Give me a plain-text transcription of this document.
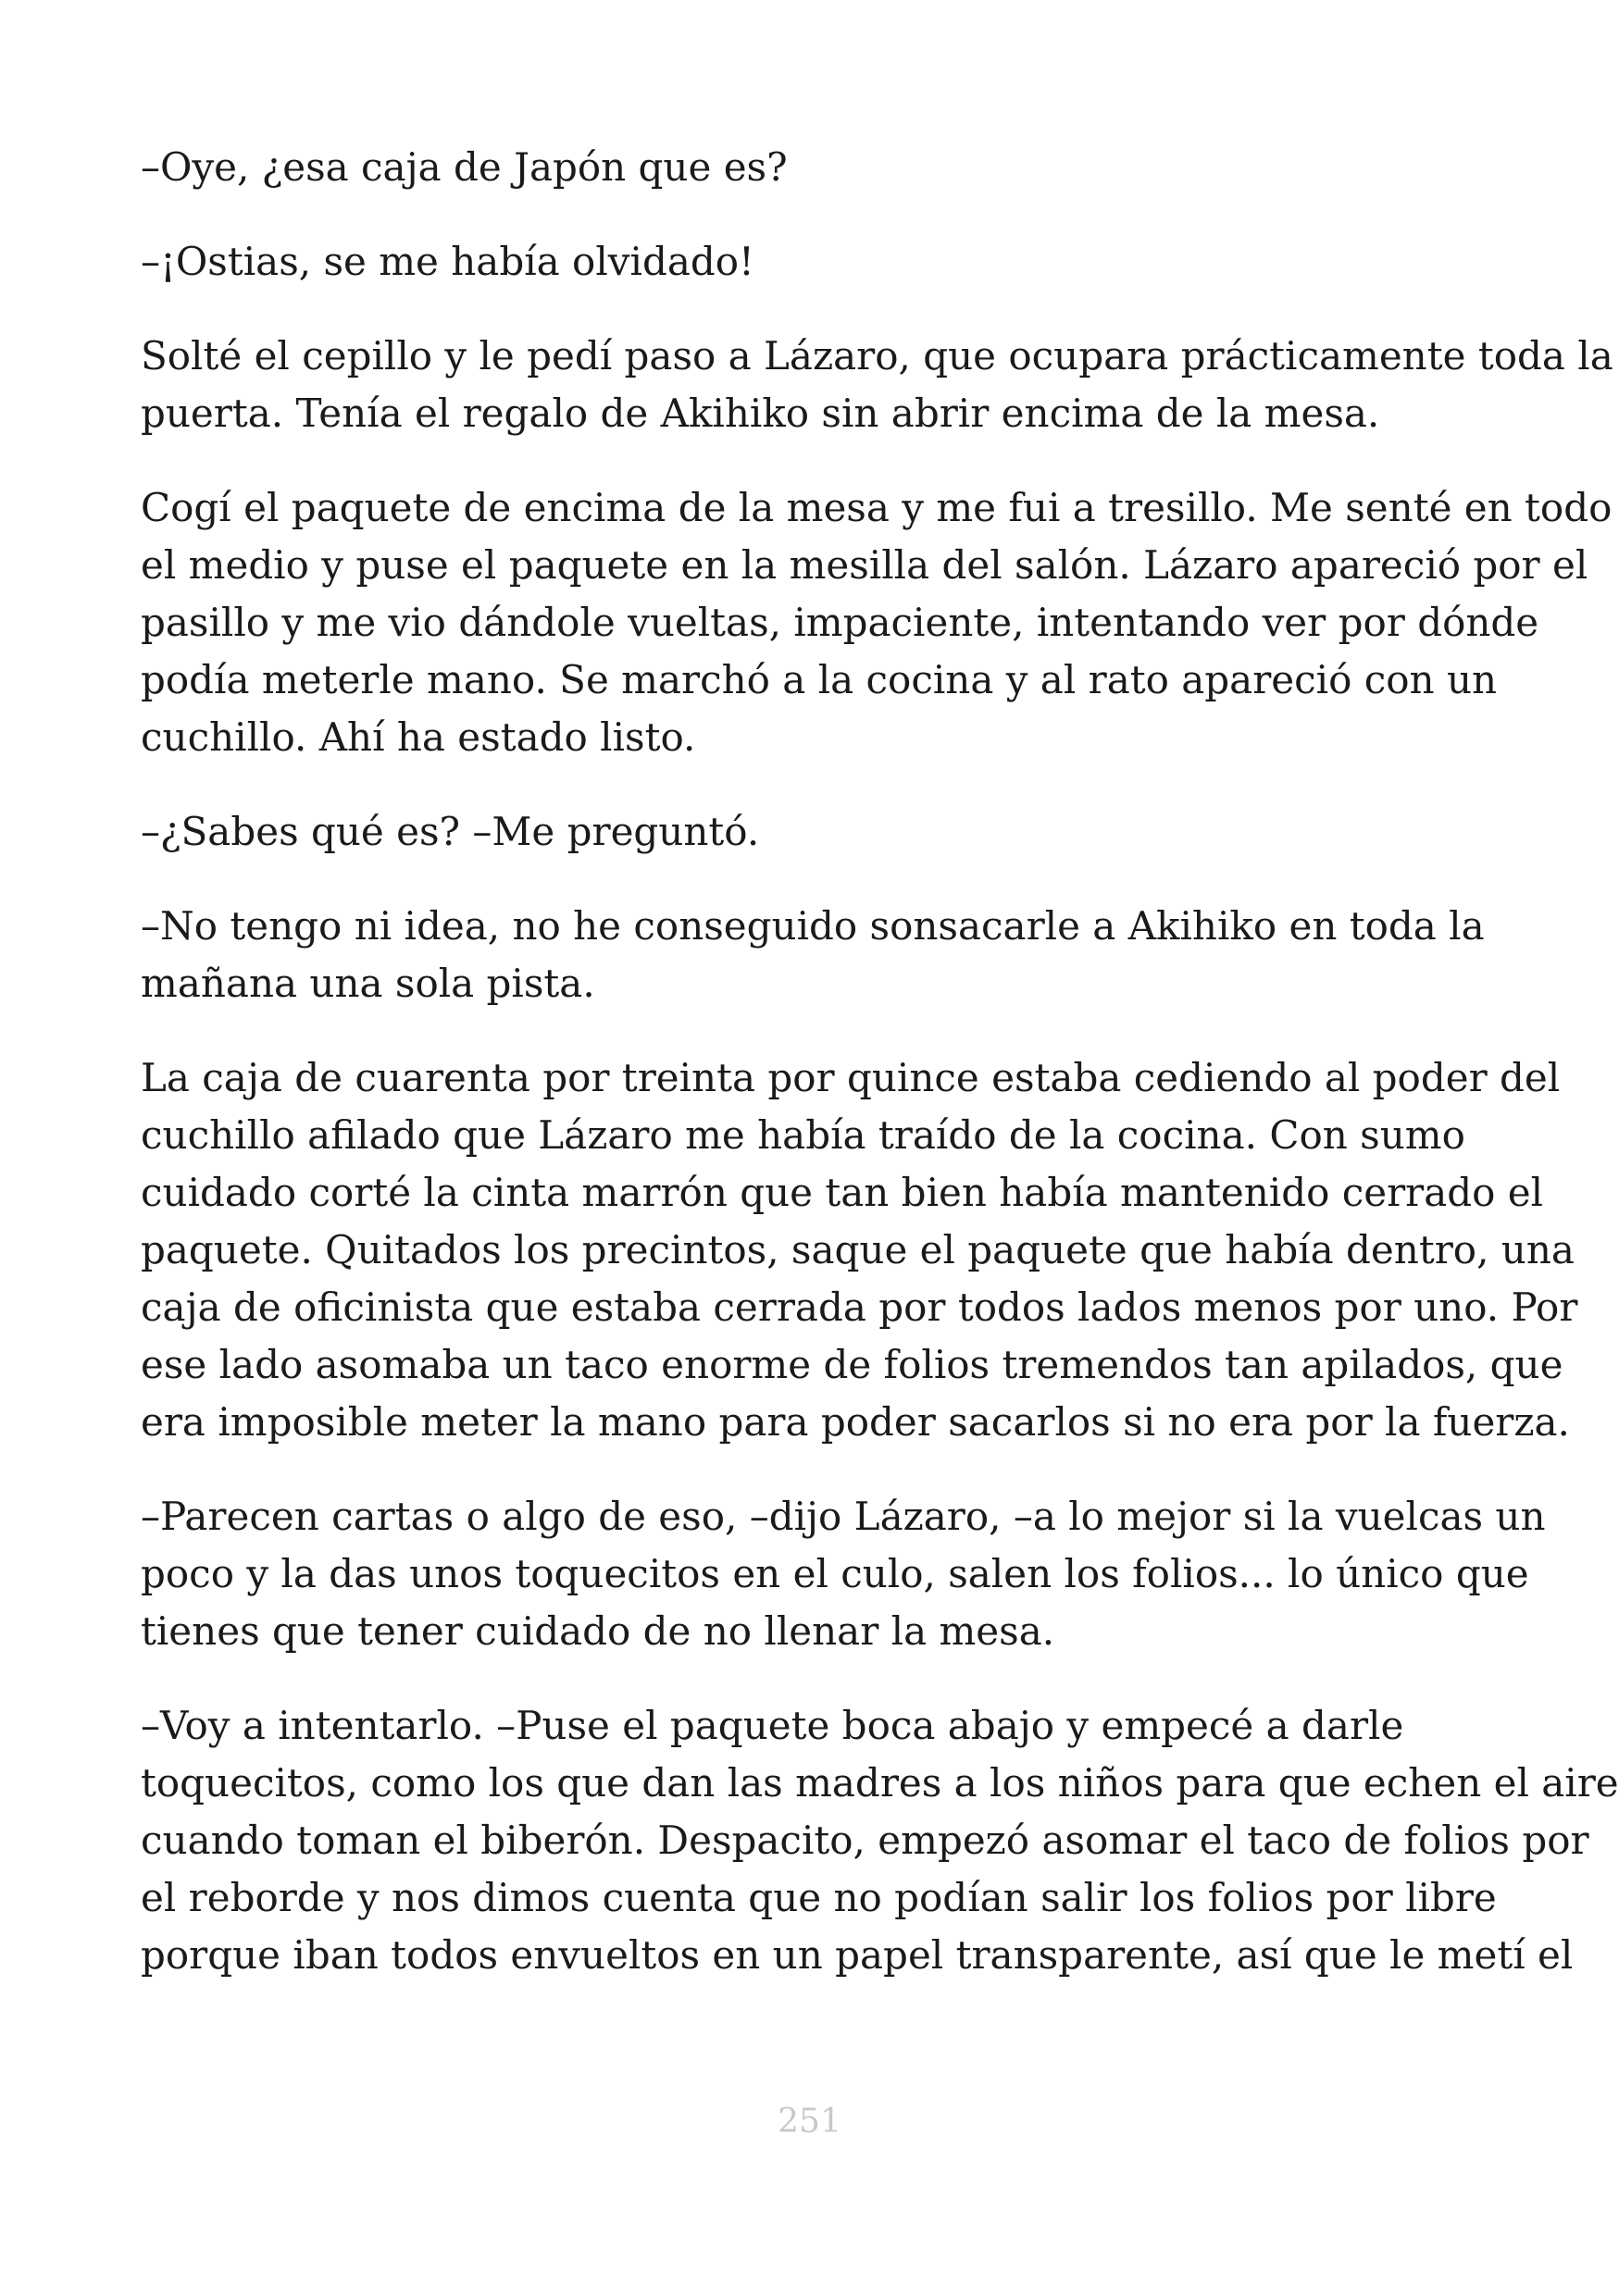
–Oye, ¿esa caja de Japón que es?

–¡Ostias, se me había olvidado!

Solté el cepillo y le pedí paso a Lázaro, que ocupara prácticamente toda la
puerta. Tenía el regalo de Akihiko sin abrir encima de la mesa.

Cogí el paquete de encima de la mesa y me fui a tresillo. Me senté en todo
el medio y puse el paquete en la mesilla del salón. Lázaro apareció por el
pasillo y me vio dándole vueltas, impaciente, intentando ver por dónde
podía meterle mano. Se marchó a la cocina y al rato apareció con un
cuchillo. Ahí ha estado listo.

–¿Sabes qué es? –Me preguntó.

–No tengo ni idea, no he conseguido sonsacarle a Akihiko en toda la
mañana una sola pista.

La caja de cuarenta por treinta por quince estaba cediendo al poder del
cuchillo afilado que Lázaro me había traído de la cocina. Con sumo
cuidado corté la cinta marrón que tan bien había mantenido cerrado el
paquete. Quitados los precintos, saque el paquete que había dentro, una
caja de oficinista que estaba cerrada por todos lados menos por uno. Por
ese lado asomaba un taco enorme de folios tremendos tan apilados, que
era imposible meter la mano para poder sacarlos si no era por la fuerza.

–Parecen cartas o algo de eso, –dijo Lázaro, –a lo mejor si la vuelcas un
poco y la das unos toquecitos en el culo, salen los folios... lo único que
tienes que tener cuidado de no llenar la mesa.

–Voy a intentarlo. –Puse el paquete boca abajo y empecé a darle
toquecitos, como los que dan las madres a los niños para que echen el aire
cuando toman el biberón. Despacito, empezó asomar el taco de folios por
el reborde y nos dimos cuenta que no podían salir los folios por libre
porque iban todos envueltos en un papel transparente, así que le metí el

251
